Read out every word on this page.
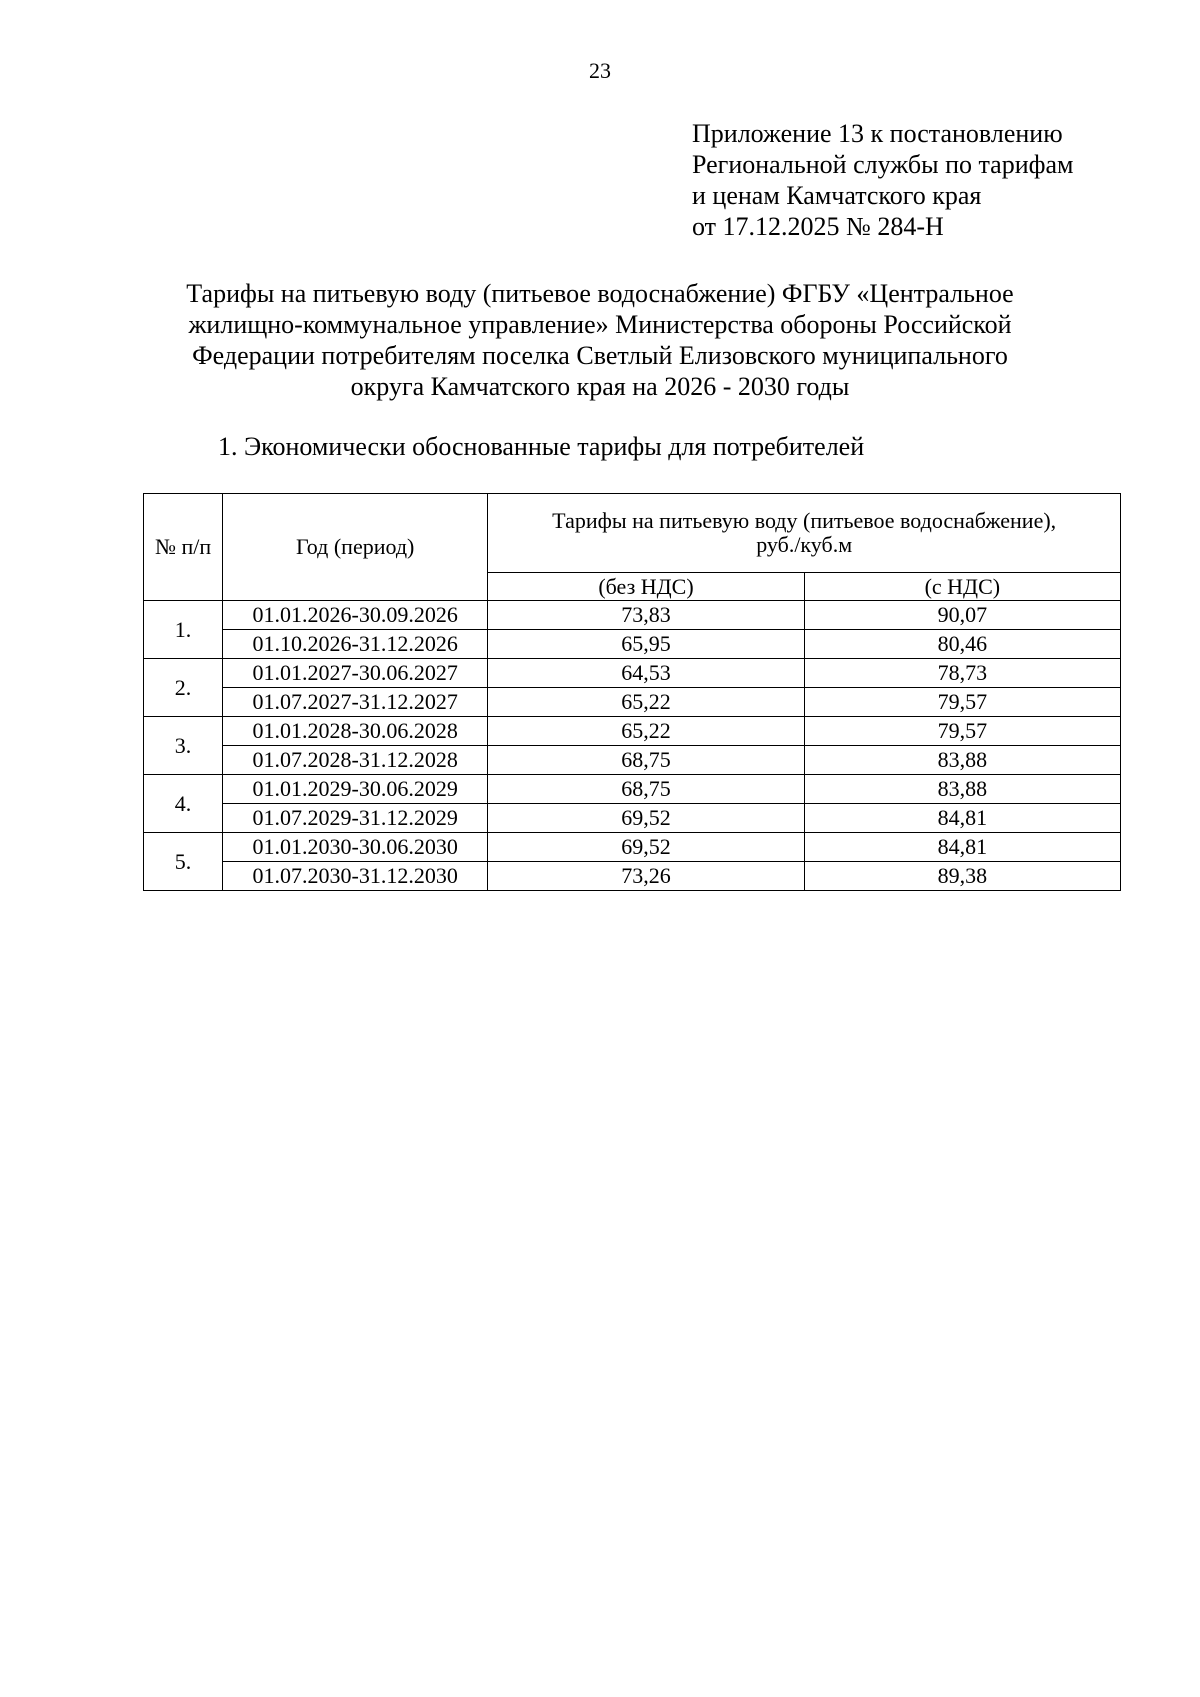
23
Приложение 13 к постановлению
Региональной службы по тарифам
и ценам Камчатского края
от 17.12.2025 № 284-Н
Тарифы на питьевую воду (питьевое водоснабжение) ФГБУ «Центральное
жилищно-коммунальное управление» Министерства обороны Российской
Федерации потребителям поселка Светлый Елизовского муниципального
округа Камчатского края на 2026 - 2030 годы
1. Экономически обоснованные тарифы для потребителей
№ п/п	Год (период)	Тарифы на питьевую воду (питьевое водоснабжение),
руб./куб.м	

		(без НДС)	(с НДС)
1.	01.01.2026-30.09.2026	73,83	90,07
	01.10.2026-31.12.2026	65,95	80,46
2.	01.01.2027-30.06.2027	64,53	78,73
	01.07.2027-31.12.2027	65,22	79,57
3.	01.01.2028-30.06.2028	65,22	79,57
	01.07.2028-31.12.2028	68,75	83,88
4.	01.01.2029-30.06.2029	68,75	83,88
	01.07.2029-31.12.2029	69,52	84,81
5.	01.01.2030-30.06.2030	69,52	84,81
	01.07.2030-31.12.2030	73,26	89,38
